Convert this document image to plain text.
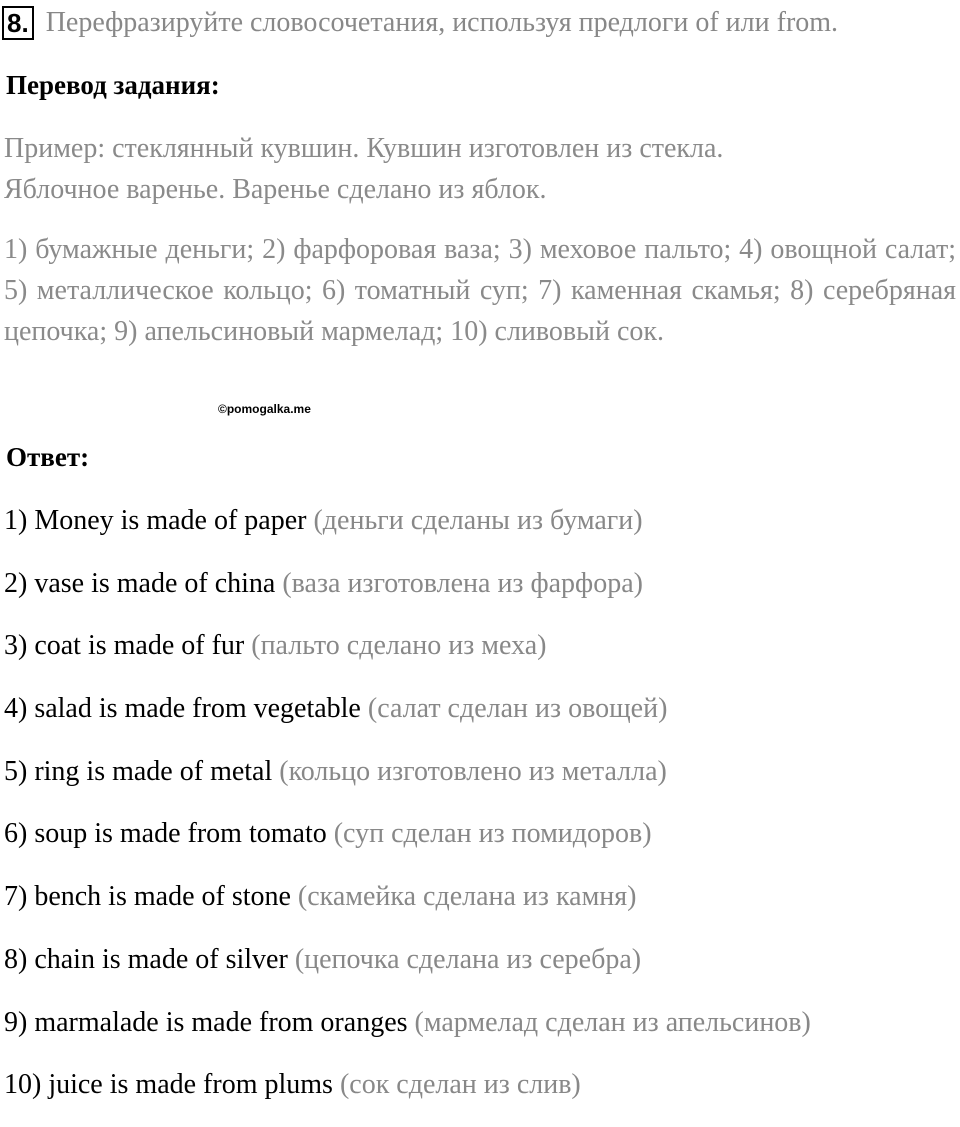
8. Перефразируйте словосочетания, используя предлоги of или from.
Перевод задания:
Пример: стеклянный кувшин. Кувшин изготовлен из стекла.
Яблочное варенье. Варенье сделано из яблок.
1) бумажные деньги; 2) фарфоровая ваза; 3) меховое пальто; 4) овощной салат; 5) металлическое кольцо; 6) томатный суп; 7) каменная скамья; 8) серебряная цепочка; 9) апельсиновый мармелад; 10) сливовый сок.
©pomogalka.me
Ответ:
1) Money is made of paper (деньги сделаны из бумаги)
2) vase is made of china (ваза изготовлена из фарфора)
3) coat is made of fur (пальто сделано из меха)
4) salad is made from vegetable (салат сделан из овощей)
5) ring is made of metal (кольцо изготовлено из металла)
6) soup is made from tomato (суп сделан из помидоров)
7) bench is made of stone (скамейка сделана из камня)
8) chain is made of silver (цепочка сделана из серебра)
9) marmalade is made from oranges (мармелад сделан из апельсинов)
10) juice is made from plums (сок сделан из слив)
